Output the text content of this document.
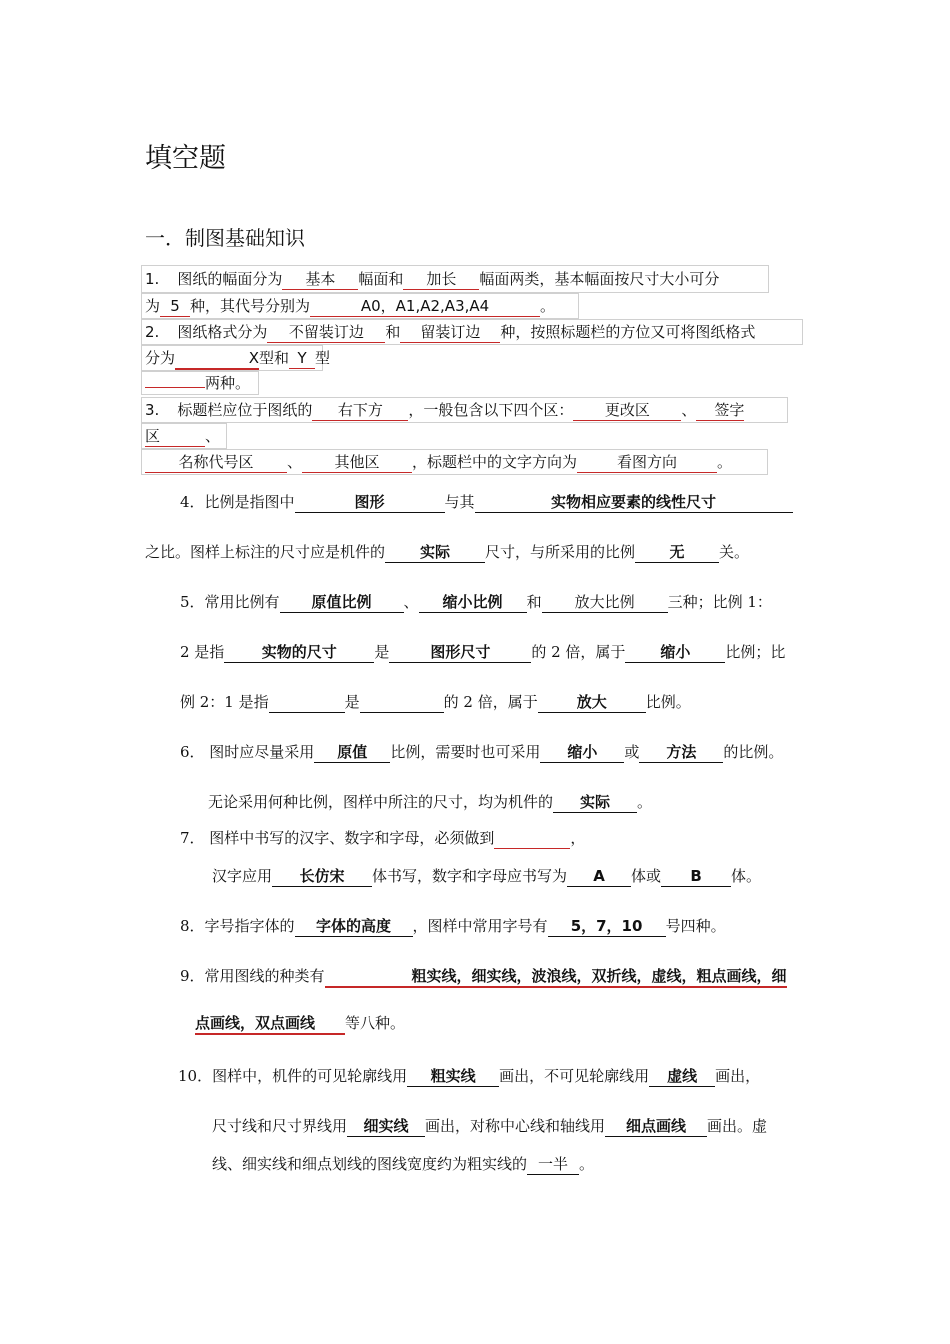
填空题
一．制图基础知识
1. 图纸的幅面分为 基本 幅面和 加长 幅面两类，基本幅面按尺寸大小可分
为 5 种，其代号分别为	A0，A1,A2,A3,A4	。
2. 图纸格式分为 不留装订边 和 留装订边 种，按照标题栏的方位又可将图纸格式
分为	X型和 Y 型
两种。
3. 标题栏应位于图纸的 右下方 ，一般包含以下四个区： 更改区 、 签字
区	、
名称代号区 、 其他区 ，标题栏中的文字方向为	看图方向	。
4．比例是指图中	图形	与其	实物相应要素的线性尺寸
之比。图样上标注的尺寸应是机件的 实际 尺寸，与所采用的比例 无 关。
5．常用比例有 原值比例 、 缩小比例 和 放大比例 三种；比例 1：
2 是指 实物的尺寸	是	图形尺寸	的 2 倍，属于 缩小 比例；比
例 2：1 是指	是	的 2 倍，属于	放大	比例。
6． 图时应尽量采用 原值 比例，需要时也可采用 缩小 或 方法 的比例。
无论采用何种比例，图样中所注的尺寸，均为机件的 实际 。
7． 图样中书写的汉字、数字和字母，必须做到	，
汉字应用 长仿宋 体书写，数字和字母应书写为 A 体或 B 体。
8．字号指字体的 字体的高度 ，图样中常用字号有 5，7，10 号四种。
9．常用图线的种类有	粗实线，细实线，波浪线，双折线，虚线，粗点画线，细
点画线，双点画线 等八种。
10．图样中，机件的可见轮廓线用 粗实线 画出，不可见轮廓线用 虚线 画出，
尺寸线和尺寸界线用 细实线 画出，对称中心线和轴线用 细点画线 画出。虚
线、细实线和细点划线的图线宽度约为粗实线的 一半 。
